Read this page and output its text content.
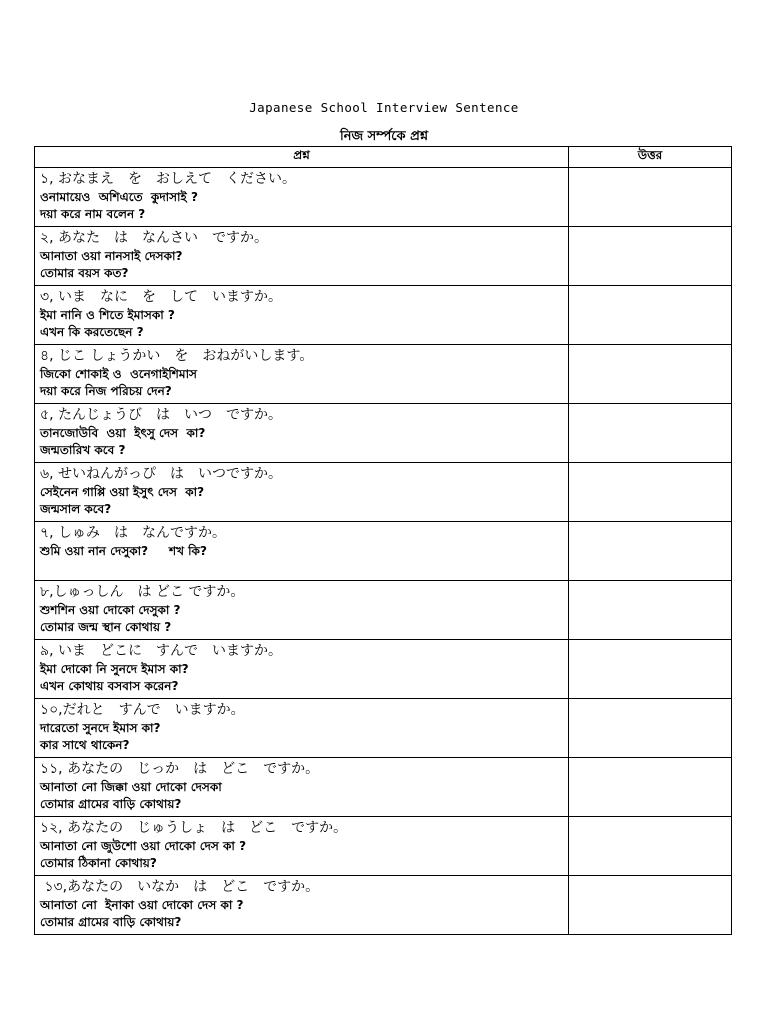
Japanese School Interview Sentence
নিজ সর্ম্পকে প্রশ্ন
প্রশ্ন	উত্তর

১, おなまえ　を　おしえて　ください。
ওনামায়েও  অশিএতে  কুদাসাই ?
দয়া করে নাম বলেন ?	

২, あなた　は　なんさい　ですか。
আনাতা ওয়া নানসাই দেসকা?
তোমার বয়স কত?	

৩, いま　なに　を　して　いますか。
ইমা নানি ও শিতে ইমাসকা ?
এখন কি করতেছেন ?	

৪, じこ しょうかい　を　おねがいします。
জিকো শোকাই ও  ওনেগাইশিমাস
দয়া করে নিজ পরিচয় দেন?	

৫, たんじょうび　は　いつ　ですか。
তানজোউবি  ওয়া  ইৎসু দেস  কা?
জন্মতারিখ কবে ?	

৬, せいねんがっぴ　は　いつですか。
সেইনেন গাপ্পি ওয়া ইসুৎ দেস  কা?
জন্মসাল কবে?	

৭, しゅみ　は　なんですか。
শুমি ওয়া নান দেসুকা?     শখ কি?	

৮,しゅっしん　は どこ ですか。
শুশশিন ওয়া দোকো দেসুকা ?
তোমার জন্ম স্থান কোথায় ?	

৯, いま　どこに　すんで　いますか。
ইমা দোকো নি সুনদে ইমাস কা?
এখন কোথায় বসবাস করেন?	

১০,だれと　すんで　いますか。
দারেতো সুনদে ইমাস কা?
কার সাথে থাকেন?	

১১, あなたの　じっか　は　どこ　ですか。
আনাতা নো জিক্কা ওয়া দোকো দেসকা
তোমার গ্রামের বাড়ি কোথায়?	

১২, あなたの　じゅうしょ　は　どこ　ですか。
আনাতা নো জুউশো ওয়া দোকো দেস কা ?
তোমার ঠিকানা কোথায়?	

১৩,あなたの　いなか　は　どこ　ですか。
আনাতা নো  ইনাকা ওয়া দোকো দেস কা ?
তোমার গ্রামের বাড়ি কোথায়?	
